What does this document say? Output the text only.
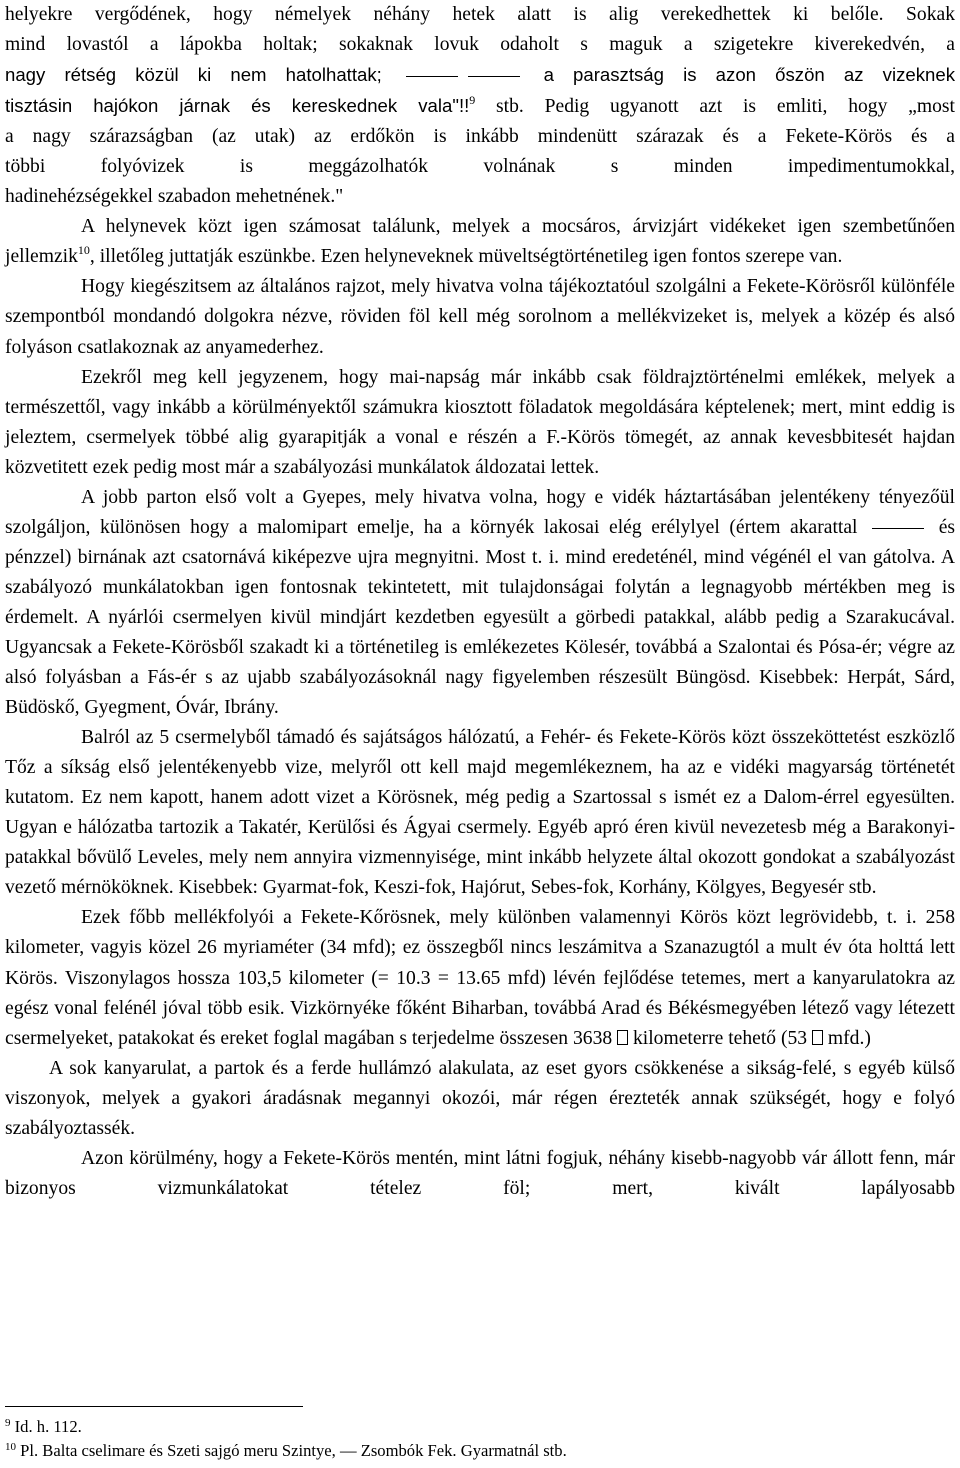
helyekre vergődének, hogy némelyek néhány hetek alatt is alig verekedhettek ki belőle. Sokak
mind lovastól a lápokba holtak; sokaknak lovuk odaholt s maguk a szigetekre kiverekedvén, a
nagy rétség közül ki nem hatolhattak;	a parasztság is azon őszön az vizeknek
tisztásin hajókon járnak és kereskednek vala"!!$^9$ stb. Pedig ugyanott azt is emliti, hogy „most
a nagy szárazságban (az utak) az erdőkön is inkább mindenütt szárazak és a Fekete-Körös és a
többi folyóvizek is meggázolhatók volnának s minden impedimentumokkal,
hadinehézségekkel szabadon mehetnének."

A helynevek közt igen számosat találunk, melyek a mocsáros, árvizjárt vidékeket igen szembetűnően jellemzik$^{10}$, illetőleg juttatják eszünkbe. Ezen helyneveknek müveltségtörténetileg igen fontos szerepe van.

Hogy kiegészitsem az általános rajzot, mely hivatva volna tájékoztatóul szolgálni a Fekete-Körösről különféle szempontból mondandó dolgokra nézve, röviden föl kell még sorolnom a mellékvizeket is, melyek a közép és alsó folyáson csatlakoznak az anyamederhez.

Ezekről meg kell jegyzenem, hogy mai-napság már inkább csak földrajztörténelmi emlékek, melyek a természettől, vagy inkább a körülményektől számukra kiosztott föladatok megoldására képtelenek; mert, mint eddig is jeleztem, csermelyek többé alig gyarapitják a vonal e részén a F.-Körös tömegét, az annak kevesbbitesét hajdan közvetitett ezek pedig most már a szabályozási munkálatok áldozatai lettek.

A jobb parton első volt a Gyepes, mely hivatva volna, hogy e vidék háztartásában jelentékeny tényezőül szolgáljon, különösen hogy a malomipart emelje, ha a környék lakosai elég erélylyel (értem akarattal	és pénzzel) birnának azt csatornává kiképezve ujra megnyitni. Most t. i. mind eredeténél, mind végénél el van gátolva. A szabályozó munkálatokban igen fontosnak tekintetett, mit tulajdonságai folytán a legnagyobb mértékben meg is érdemelt. A nyárlói csermelyen kivül mindjárt kezdetben egyesült a görbedi patakkal, alább pedig a Szarakucával. Ugyancsak a Fekete-Körösből szakadt ki a történetileg is emlékezetes Kölesér, továbbá a Szalontai és Pósa-ér; végre az alsó folyásban a Fás-ér s az ujabb szabályozásoknál nagy figyelemben részesült Büngösd. Kisebbek: Herpát, Sárd, Büdöskő, Gyegment, Óvár, Ibrány.

Balról az 5 csermelyből támadó és sajátságos hálózatú, a Fehér- és Fekete-Körös közt összeköttetést eszközlő Tőz a síkság első jelentékenyebb vize, melyről ott kell majd megemlékeznem, ha az e vidéki magyarság történetét kutatom. Ez nem kapott, hanem adott vizet a Körösnek, még pedig a Szartossal s ismét ez a Dalom-érrel egyesülten. Ugyan e hálózatba tartozik a Takatér, Kerülősi és Ágyai csermely. Egyéb apró éren kivül nevezetesb még a Barakonyi-patakkal bővülő Leveles, mely nem annyira vizmennyisége, mint inkább helyzete által okozott gondokat a szabályozást vezető mérnököknek. Kisebbek: Gyarmat-fok, Keszi-fok, Hajórut, Sebes-fok, Korhány, Kölgyes, Begyesér stb.

Ezek főbb mellékfolyói a Fekete-Kőrösnek, mely különben valamennyi Körös közt legrövidebb, t. i. 258 kilometer, vagyis közel 26 myriaméter (34 mfd); ez összegből nincs leszámitva a Szanazugtól a mult év óta holttá lett Körös. Viszonylagos hossza 103,5 kilometer (= 10.3 = 13.65 mfd) lévén fejlődése tetemes, mert a kanyarulatokra az egész vonal felénél jóval több esik. Vizkörnyéke főként Biharban, továbbá Arad és Békésmegyében létező vagy létezett csermelyeket, patakokat és ereket foglal magában s terjedelme összesen 3638 kilometerre tehető (53 mfd.)

A sok kanyarulat, a partok és a ferde hullámzó alakulata, az eset gyors csökkenése a sikság-felé, s egyéb külső viszonyok, melyek a gyakori áradásnak megannyi okozói, már régen érezteték annak szükségét, hogy e folyó szabályoztassék.

Azon körülmény, hogy a Fekete-Körös mentén, mint látni fogjuk, néhány kisebb-nagyobb vár állott fenn, már bizonyos vizmunkálatokat tételez föl; mert, kivált lapályosabb

$^9$ Id. h. 112.
$^{10}$ Pl. Balta cselimare és Szeti sajgó meru Szintye, — Zsombók Fek. Gyarmatnál stb.
